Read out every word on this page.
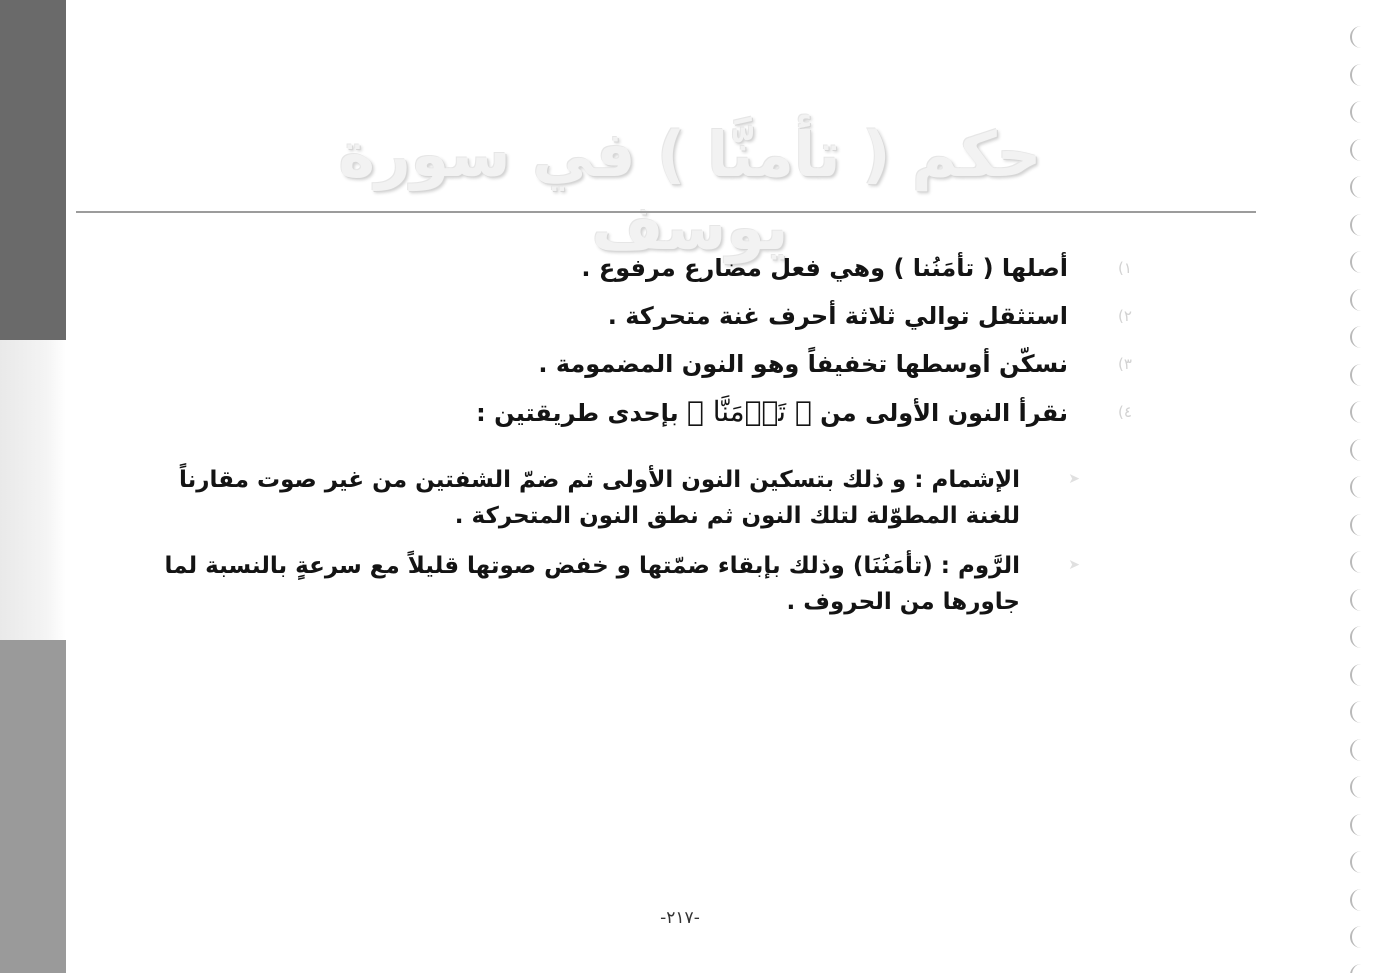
حكم ( تأمنَّا ) في سورة يوسف
١)
أصلها ( تأمَنُنا ) وهي فعل مضارع مرفوع .
٢)
استثقل توالي ثلاثة أحرف غنة متحركة .
٣)
نسكّن أوسطها تخفيفاً وهو النون المضمومة .
٤)
نقرأ النون الأولى من ﴿ تَأۡمَنَّا ﴾ بإحدى طريقتين :
➤
الإشمام : و ذلك بتسكين النون الأولى ثم ضمّ الشفتين من غير صوت مقارناً للغنة المطوّلة لتلك النون ثم نطق النون المتحركة .
➤
الرَّوم : (تأمَنُنَا) وذلك بإبقاء ضمّتها و خفض صوتها قليلاً مع سرعةٍ بالنسبة لما جاورها من الحروف .
-٢١٧-
